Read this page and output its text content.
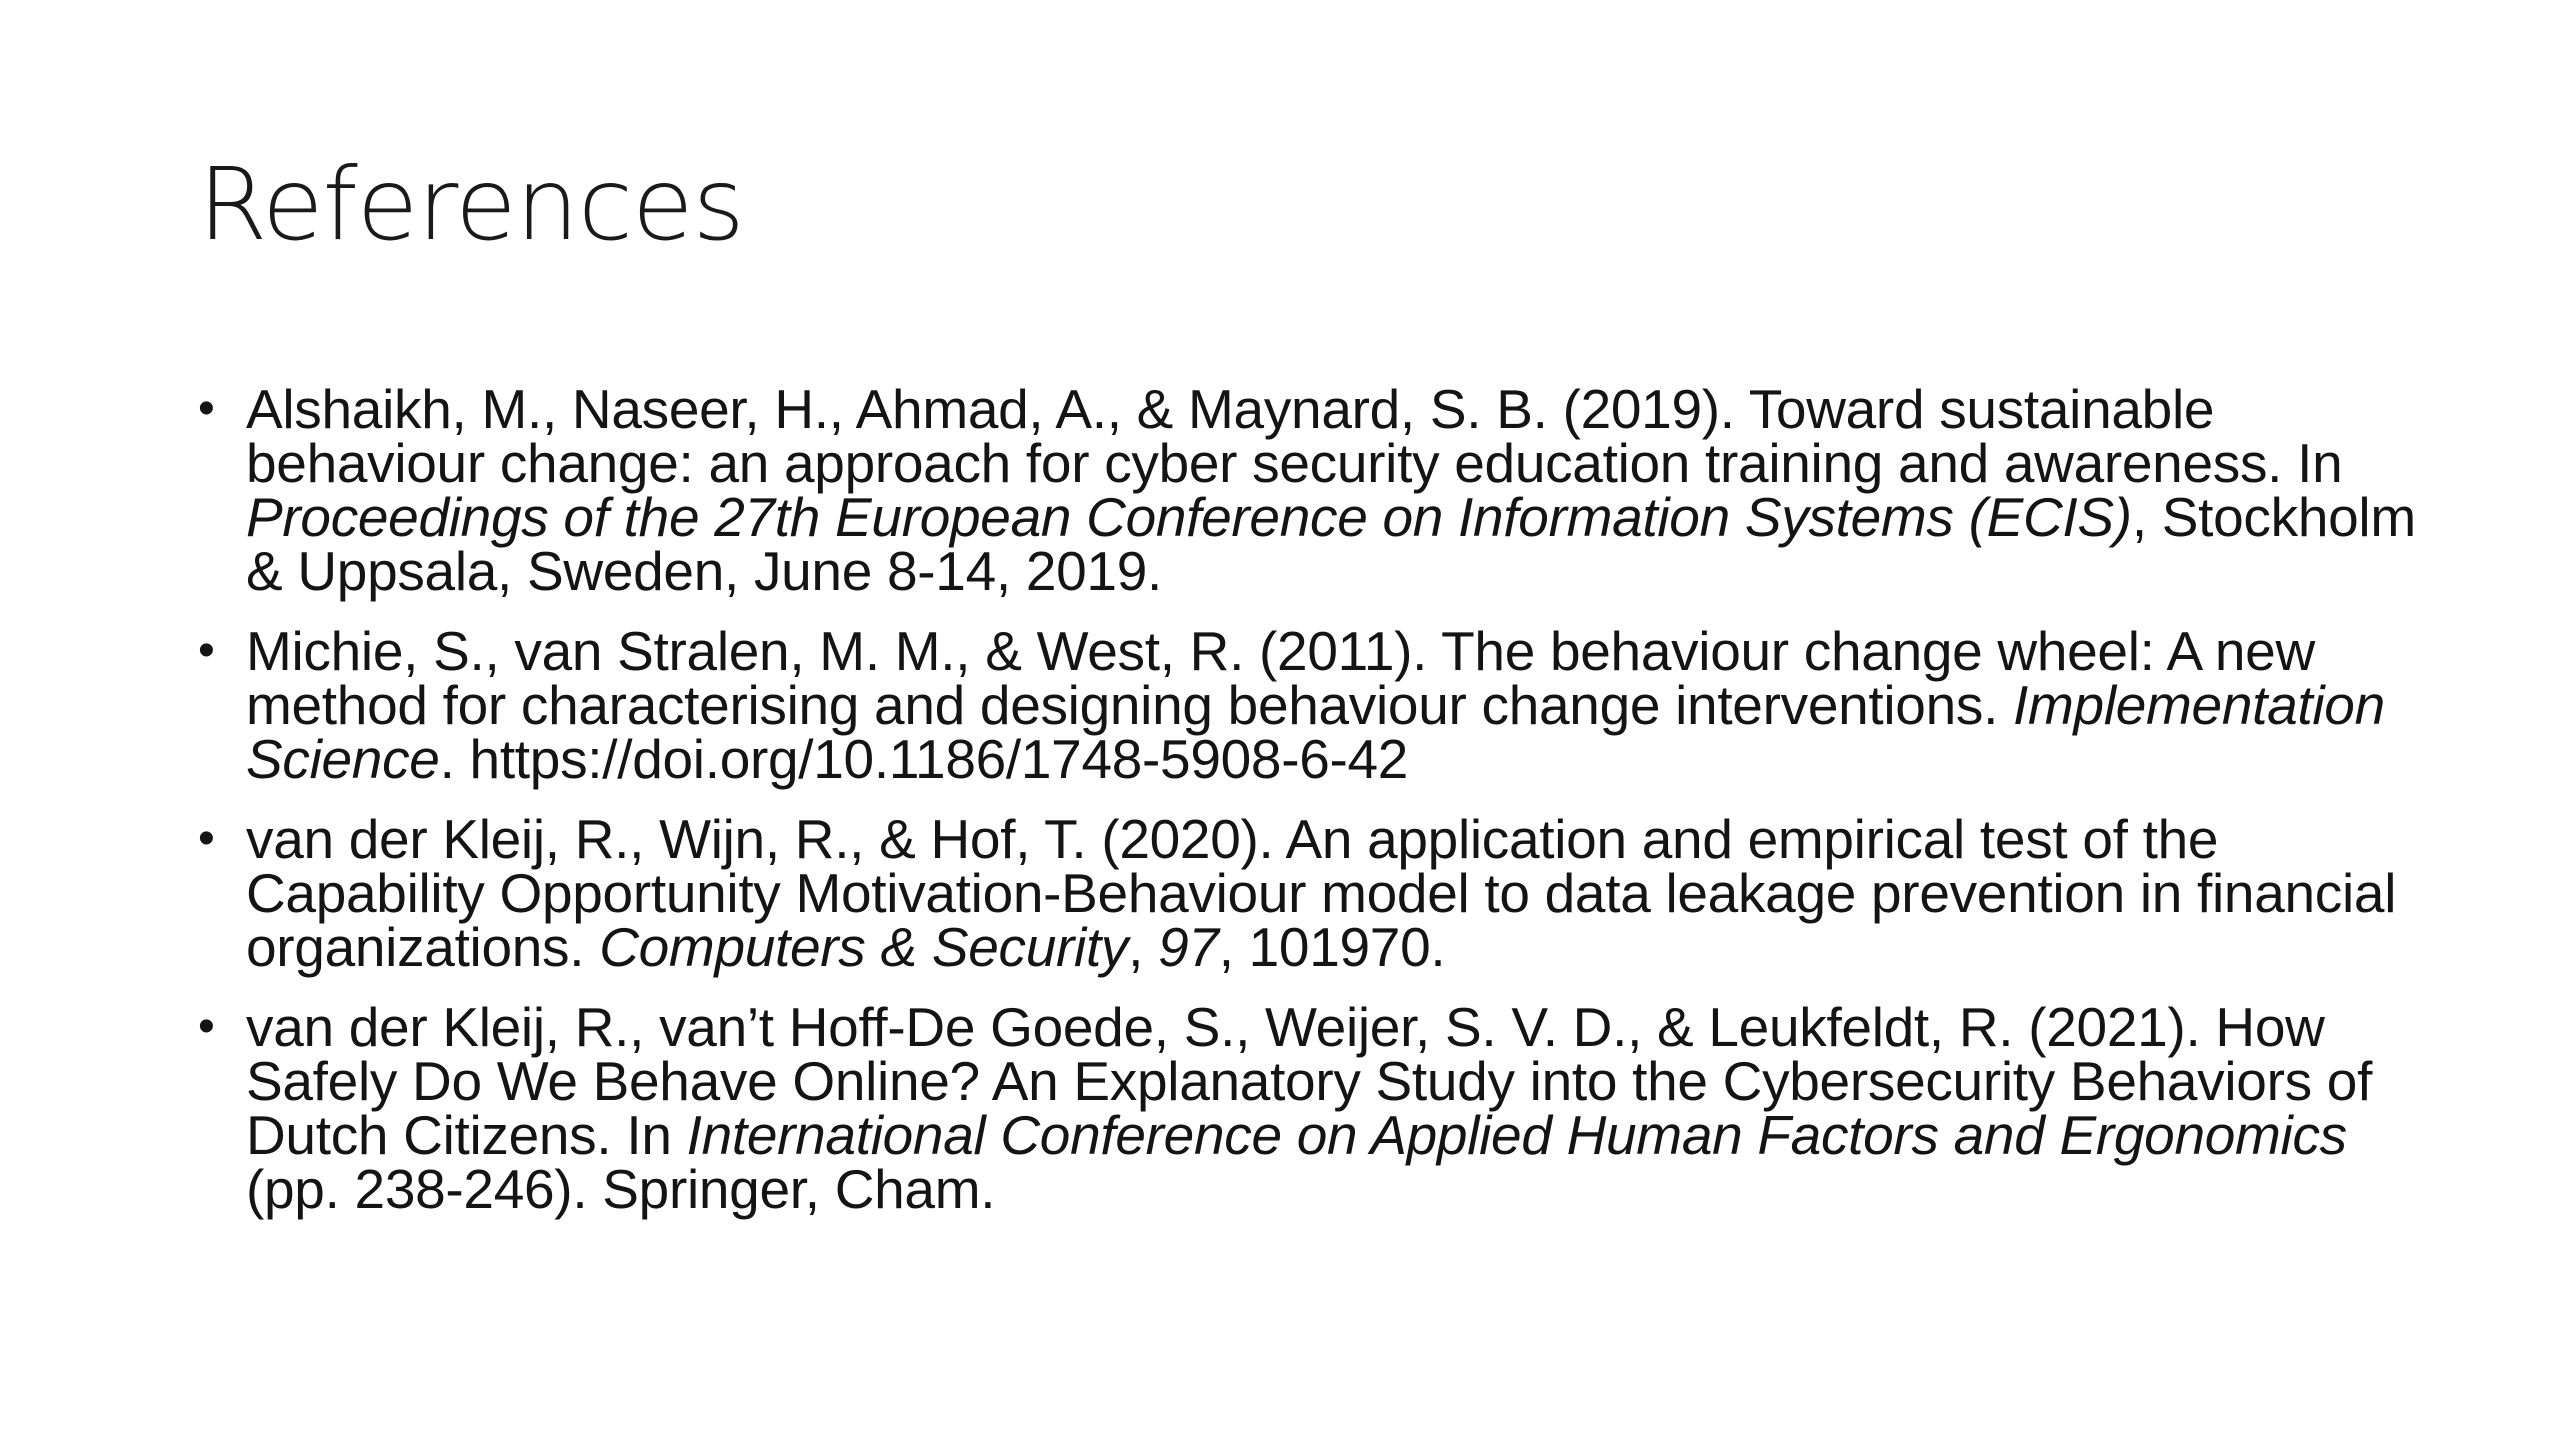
References
• Alshaikh, M., Naseer, H., Ahmad, A., & Maynard, S. B. (2019). Toward sustainable behaviour change: an approach for cyber security education training and awareness. In Proceedings of the 27th European Conference on Information Systems (ECIS), Stockholm & Uppsala, Sweden, June 8-14, 2019.
• Michie, S., van Stralen, M. M., & West, R. (2011). The behaviour change wheel: A new method for characterising and designing behaviour change interventions. Implementation Science. https://doi.org/10.1186/1748-5908-6-42
• van der Kleij, R., Wijn, R., & Hof, T. (2020). An application and empirical test of the Capability Opportunity Motivation-Behaviour model to data leakage prevention in financial organizations. Computers & Security, 97, 101970.
• van der Kleij, R., van’t Hoff-De Goede, S., Weijer, S. V. D., & Leukfeldt, R. (2021). How Safely Do We Behave Online? An Explanatory Study into the Cybersecurity Behaviors of Dutch Citizens. In International Conference on Applied Human Factors and Ergonomics (pp. 238-246). Springer, Cham.
